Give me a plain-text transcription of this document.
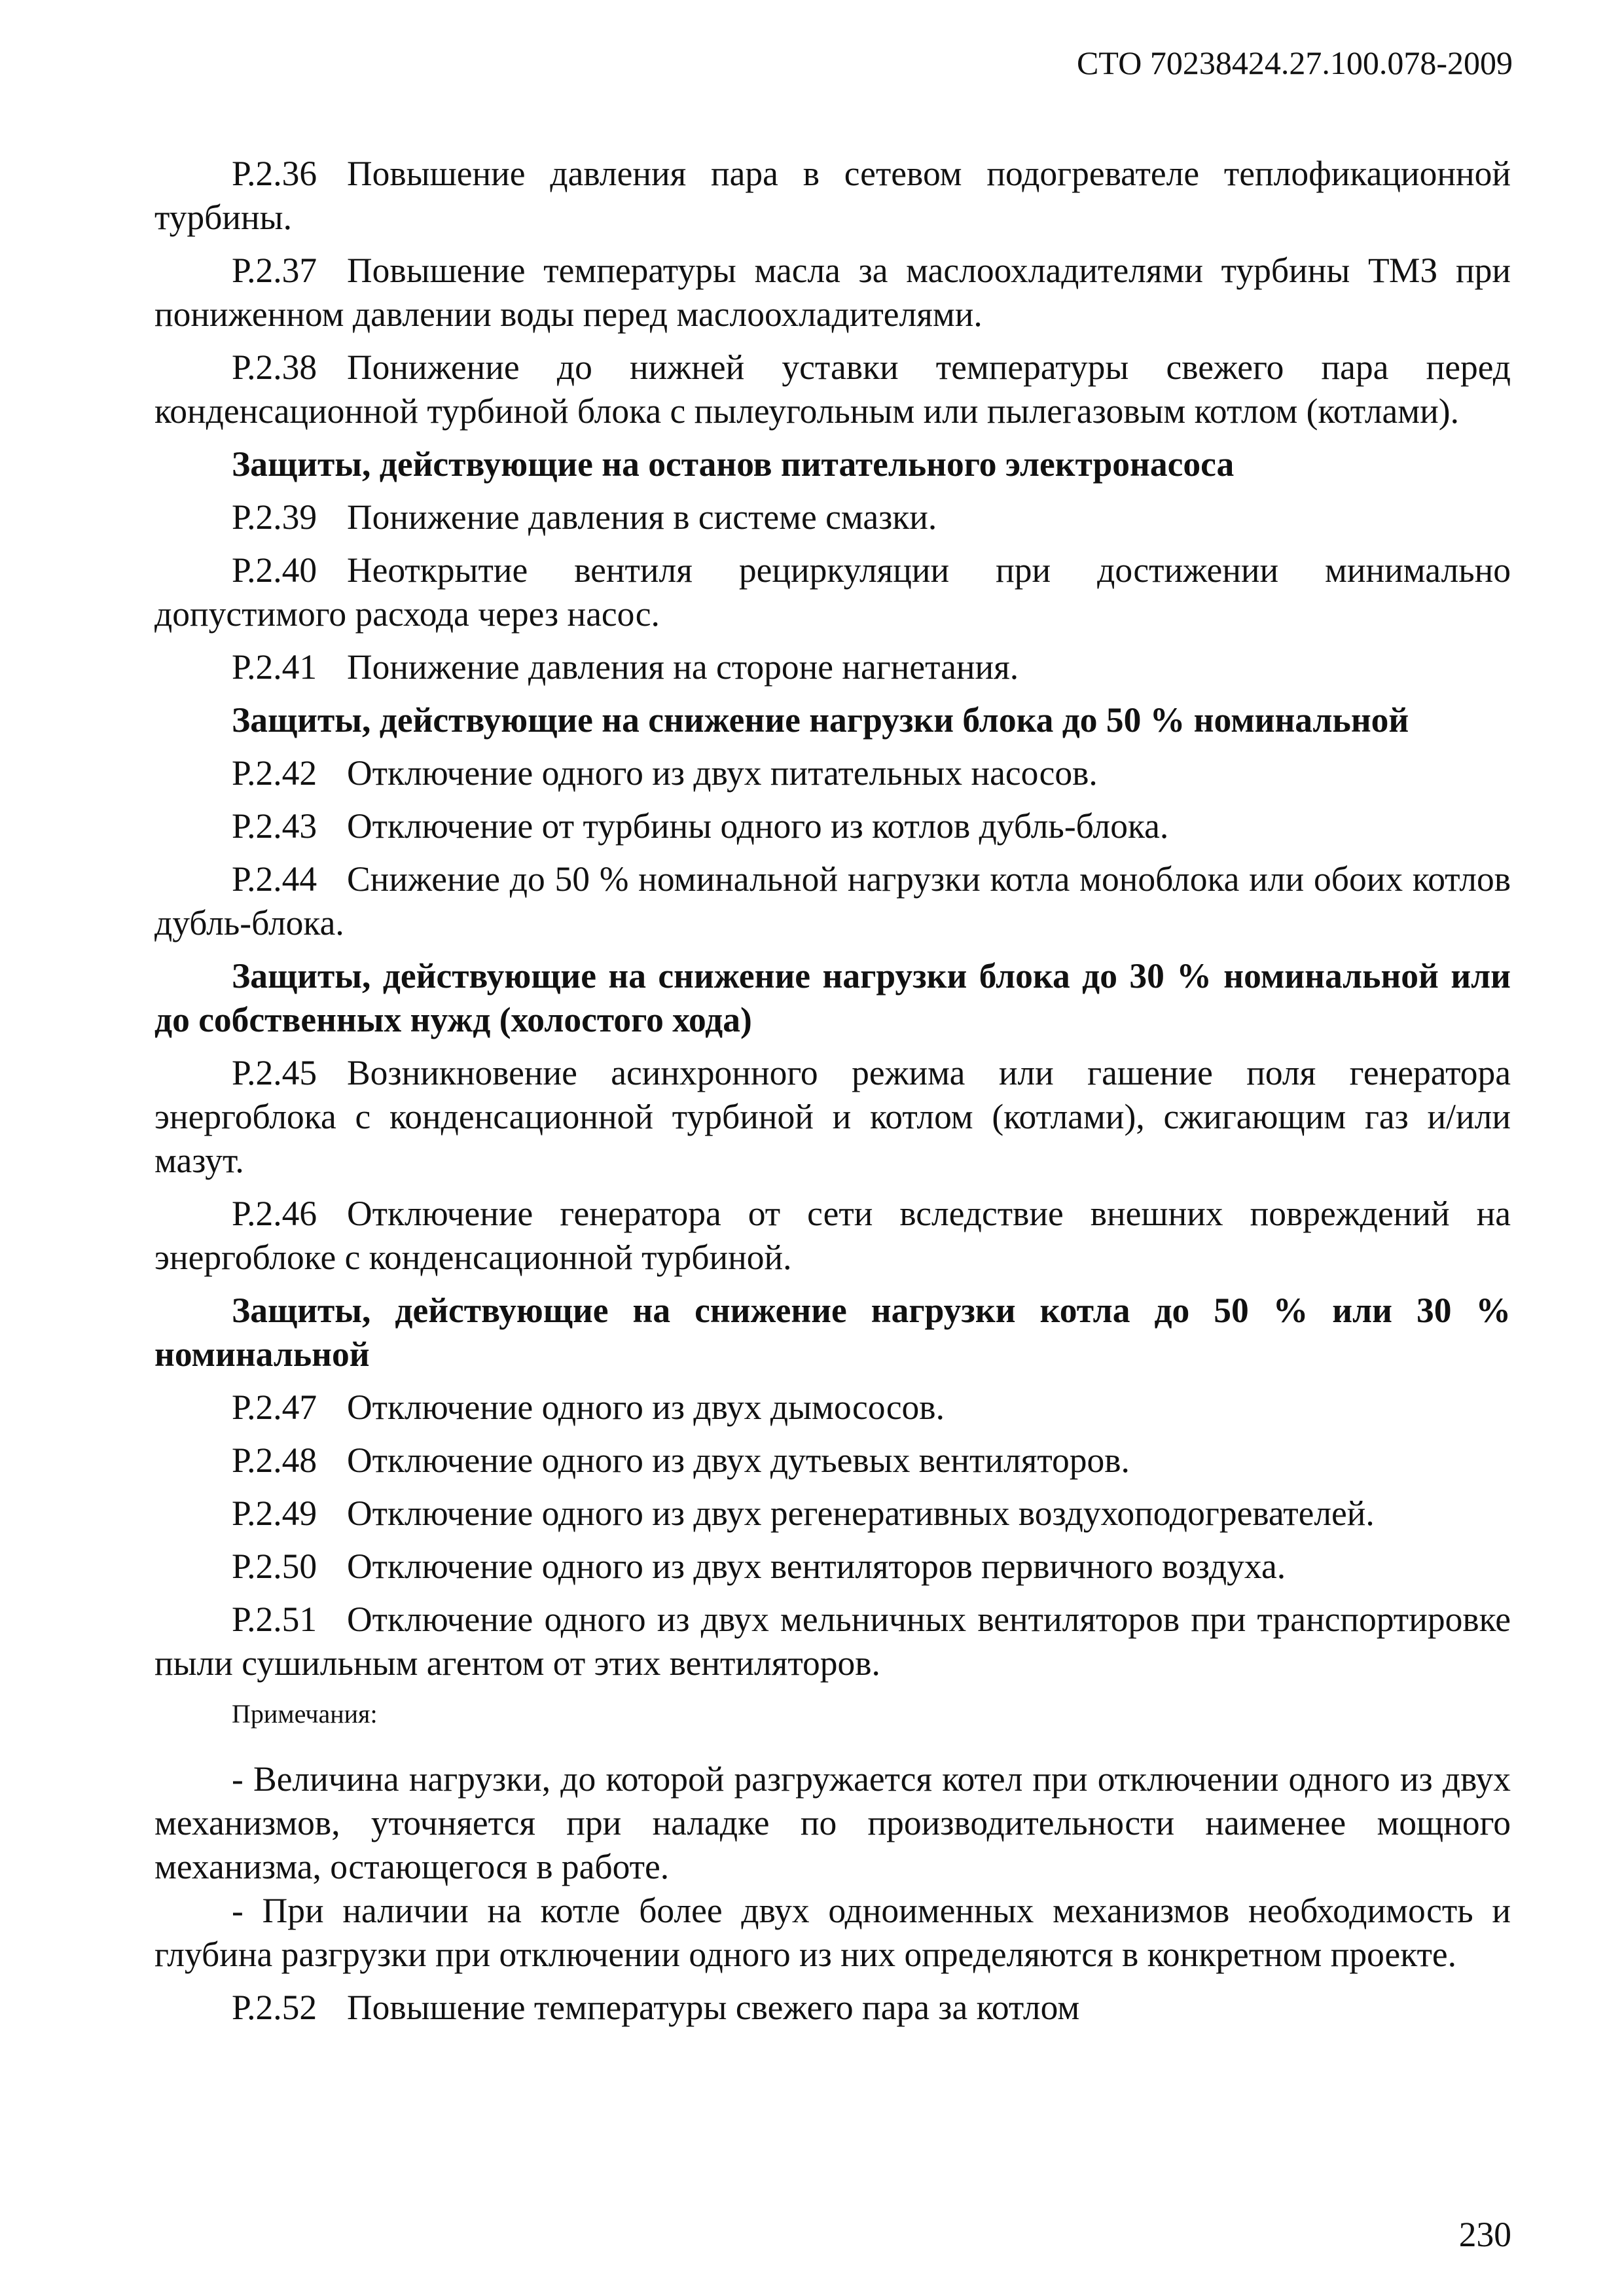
СТО 70238424.27.100.078-2009

Р.2.36 Повышение давления пара в сетевом подогревателе теплофикационной турбины.

Р.2.37 Повышение температуры масла за маслоохладителями турбины ТМЗ при пониженном давлении воды перед маслоохладителями.

Р.2.38 Понижение до нижней уставки температуры свежего пара перед конденсационной турбиной блока с пылеугольным или пылегазовым котлом (котлами).

Защиты, действующие на останов питательного электронасоса

Р.2.39 Понижение давления в системе смазки.

Р.2.40 Неоткрытие вентиля рециркуляции при достижении минимально допустимого расхода через насос.

Р.2.41 Понижение давления на стороне нагнетания.

Защиты, действующие на снижение нагрузки блока до 50 % номинальной

Р.2.42 Отключение одного из двух питательных насосов.

Р.2.43 Отключение от турбины одного из котлов дубль-блока.

Р.2.44 Снижение до 50 % номинальной нагрузки котла моноблока или обоих котлов дубль-блока.

Защиты, действующие на снижение нагрузки блока до 30 % номинальной или до собственных нужд (холостого хода)

Р.2.45 Возникновение асинхронного режима или гашение поля генератора энергоблока с конденсационной турбиной и котлом (котлами), сжигающим газ и/или мазут.

Р.2.46 Отключение генератора от сети вследствие внешних повреждений на энергоблоке с конденсационной турбиной.

Защиты, действующие на снижение нагрузки котла до 50 % или 30 % номинальной

Р.2.47 Отключение одного из двух дымососов.

Р.2.48 Отключение одного из двух дутьевых вентиляторов.

Р.2.49 Отключение одного из двух регенеративных воздухоподогревателей.

Р.2.50 Отключение одного из двух вентиляторов первичного воздуха.

Р.2.51 Отключение одного из двух мельничных вентиляторов при транспортировке пыли сушильным агентом от этих вентиляторов.

Примечания:

- Величина нагрузки, до которой разгружается котел при отключении одного из двух механизмов, уточняется при наладке по производительности наименее мощного механизма, остающегося в работе.

- При наличии на котле более двух одноименных механизмов необходимость и глубина разгрузки при отключении одного из них определяются в конкретном проекте.

Р.2.52 Повышение температуры свежего пара за котлом

230
